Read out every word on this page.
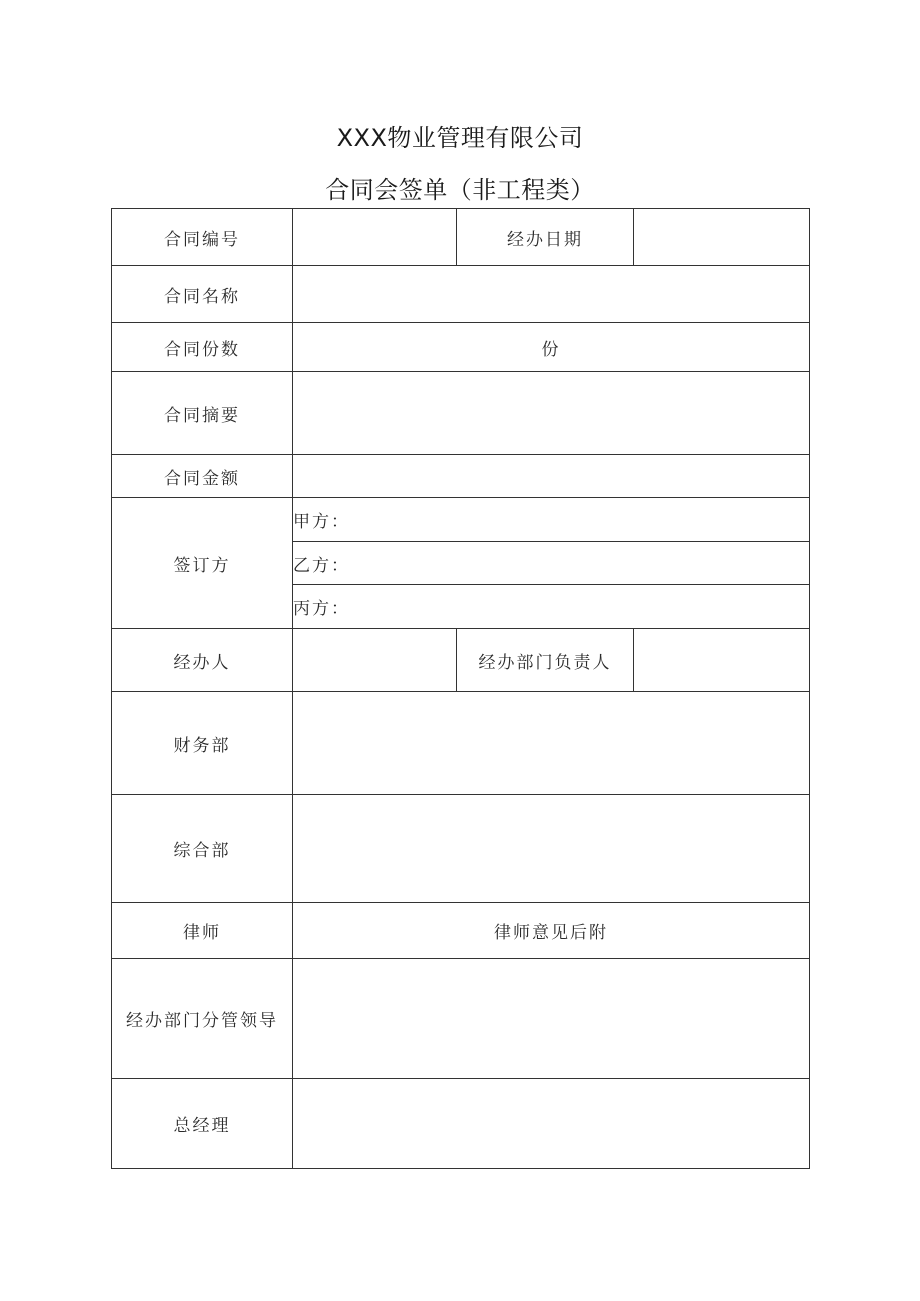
XXX物业管理有限公司
合同会签单（非工程类）
合同编号		经办日期	
合同名称			
合同份数	份		
合同摘要			
合同金额			
签订方	甲方：		
	乙方：		
	丙方：		
经办人		经办部门负责人	
财务部			
综合部			
律师	律师意见后附		
经办部门分管领导			
总经理			
